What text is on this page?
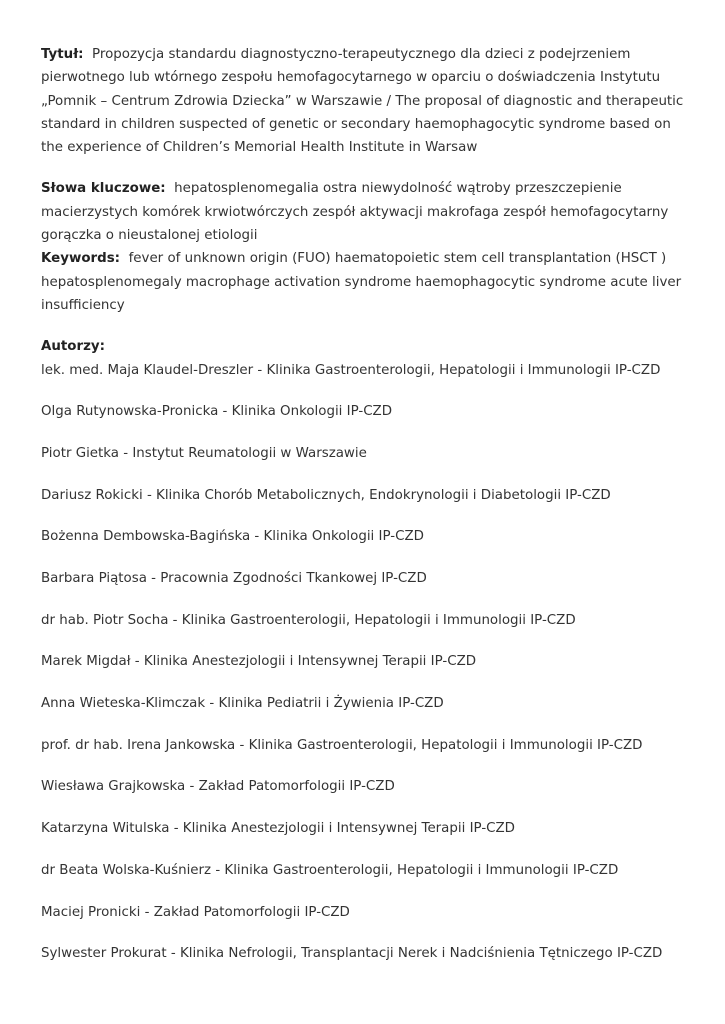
Tytuł: Propozycja standardu diagnostyczno-terapeutycznego dla dzieci z podejrzeniem pierwotnego lub wtórnego zespołu hemofagocytarnego w oparciu o doświadczenia Instytutu „Pomnik – Centrum Zdrowia Dziecka” w Warszawie / The proposal of diagnostic and therapeutic standard in children suspected of genetic or secondary haemophagocytic syndrome based on the experience of Children’s Memorial Health Institute in Warsaw

Słowa kluczowe: hepatosplenomegalia ostra niewydolność wątroby przeszczepienie macierzystych komórek krwiotwórczych zespół aktywacji makrofaga zespół hemofagocytarny gorączka o nieustalonej etiologii

Keywords: fever of unknown origin (FUO) haematopoietic stem cell transplantation (HSCT ) hepatosplenomegaly macrophage activation syndrome haemophagocytic syndrome acute liver insufficiency

Autorzy:

lek. med. Maja Klaudel-Dreszler - Klinika Gastroenterologii, Hepatologii i Immunologii IP-CZD
Olga Rutynowska-Pronicka - Klinika Onkologii IP-CZD
Piotr Gietka - Instytut Reumatologii w Warszawie
Dariusz Rokicki - Klinika Chorób Metabolicznych, Endokrynologii i Diabetologii IP-CZD
Bożenna Dembowska-Bagińska - Klinika Onkologii IP-CZD
Barbara Piątosa - Pracownia Zgodności Tkankowej IP-CZD
dr hab. Piotr Socha - Klinika Gastroenterologii, Hepatologii i Immunologii IP-CZD
Marek Migdał - Klinika Anestezjologii i Intensywnej Terapii IP-CZD
Anna Wieteska-Klimczak - Klinika Pediatrii i Żywienia IP-CZD
prof. dr hab. Irena Jankowska - Klinika Gastroenterologii, Hepatologii i Immunologii IP-CZD
Wiesława Grajkowska - Zakład Patomorfologii IP-CZD
Katarzyna Witulska - Klinika Anestezjologii i Intensywnej Terapii IP-CZD
dr Beata Wolska-Kuśnierz - Klinika Gastroenterologii, Hepatologii i Immunologii IP-CZD
Maciej Pronicki - Zakład Patomorfologii IP-CZD
Sylwester Prokurat - Klinika Nefrologii, Transplantacji Nerek i Nadciśnienia Tętniczego IP-CZD
